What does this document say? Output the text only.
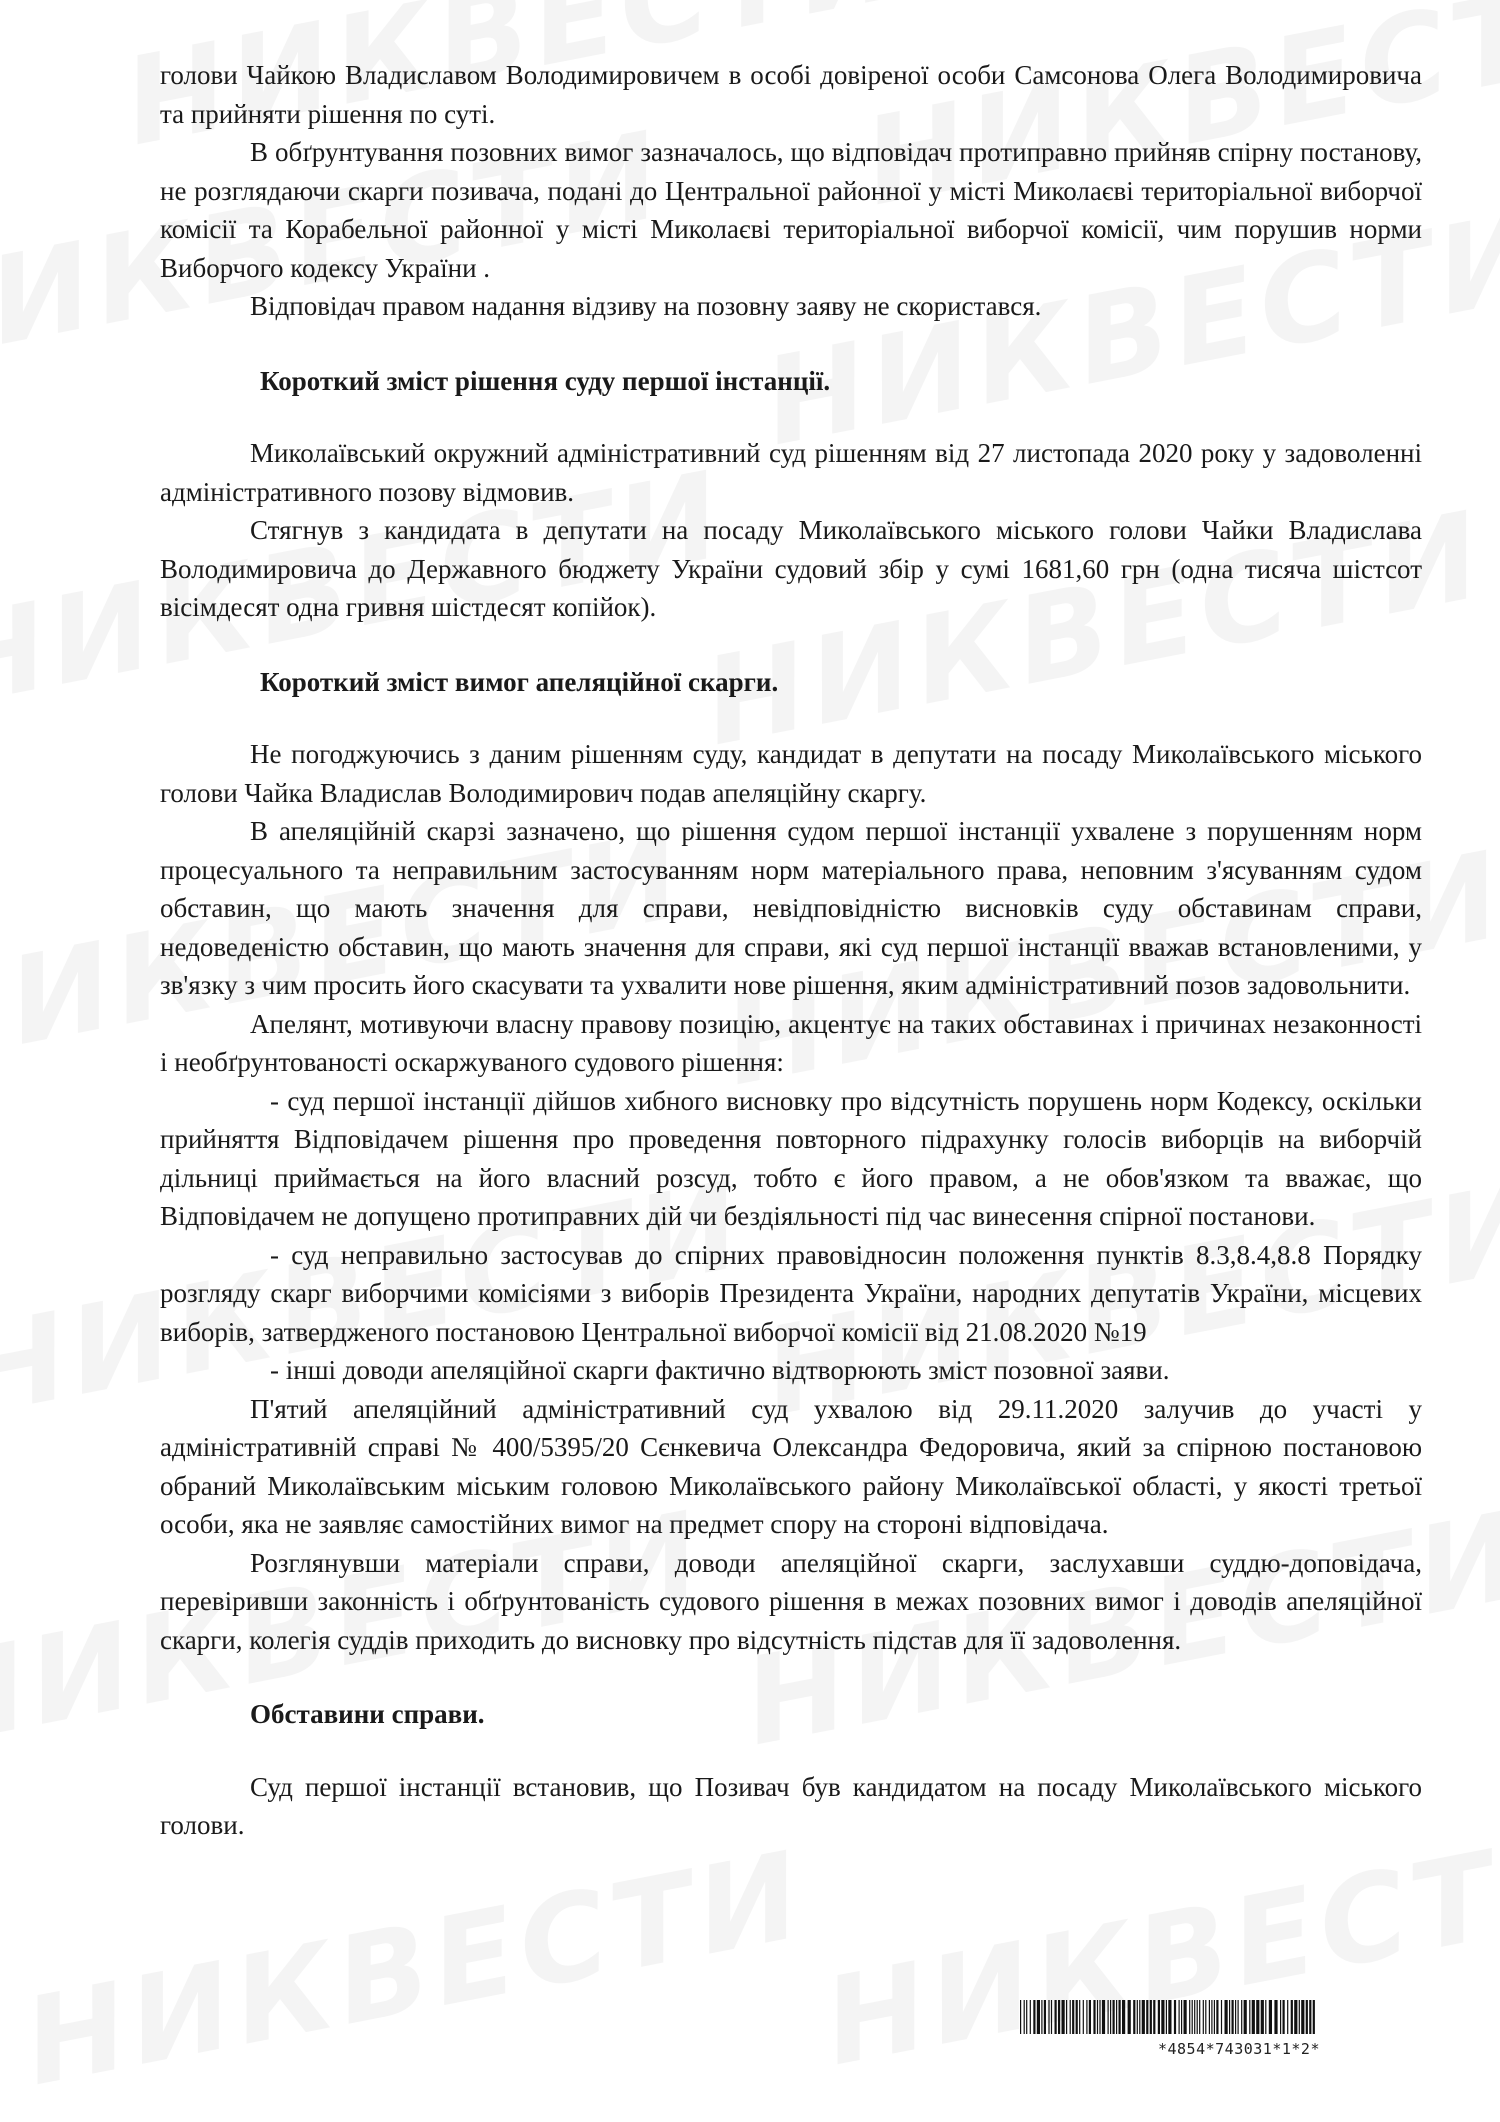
голови Чайкою Владиславом Володимировичем в особі довіреної особи Самсонова Олега Володимировича та прийняти рішення по суті.

В обґрунтування позовних вимог зазначалось, що відповідач протиправно прийняв спірну постанову, не розглядаючи скарги позивача, подані до Центральної районної у місті Миколаєві територіальної виборчої комісії та Корабельної районної у місті Миколаєві територіальної виборчої комісії, чим порушив норми Виборчого кодексу України .

Відповідач правом надання відзиву на позовну заяву не скористався.

Короткий зміст рішення суду першої інстанції.

Миколаївський окружний адміністративний суд рішенням від 27 листопада 2020 року у задоволенні адміністративного позову відмовив.

Стягнув з кандидата в депутати на посаду Миколаївського міського голови Чайки Владислава Володимировича до Державного бюджету України судовий збір у сумі 1681,60 грн (одна тисяча шістсот вісімдесят одна гривня шістдесят копійок).

Короткий зміст вимог апеляційної скарги.

Не погоджуючись з даним рішенням суду, кандидат в депутати на посаду Миколаївського міського голови Чайка Владислав Володимирович подав апеляційну скаргу.

В апеляційній скарзі зазначено, що рішення судом першої інстанції ухвалене з порушенням норм процесуального та неправильним застосуванням норм матеріального права, неповним з'ясуванням судом обставин, що мають значення для справи, невідповідністю висновків суду обставинам справи, недоведеністю обставин, що мають значення для справи, які суд першої інстанції вважав встановленими, у зв'язку з чим просить його скасувати та ухвалити нове рішення, яким адміністративний позов задовольнити.

Апелянт, мотивуючи власну правову позицію, акцентує на таких обставинах і причинах незаконності і необґрунтованості оскаржуваного судового рішення:

- суд першої інстанції дійшов хибного висновку про відсутність порушень норм Кодексу, оскільки прийняття Відповідачем рішення про проведення повторного підрахунку голосів виборців на виборчій дільниці приймається на його власний розсуд, тобто є його правом, а не обов'язком та вважає, що Відповідачем не допущено протиправних дій чи бездіяльності під час винесення спірної постанови.

- суд неправильно застосував до спірних правовідносин положення пунктів 8.3,8.4,8.8 Порядку розгляду скарг виборчими комісіями з виборів Президента України, народних депутатів України, місцевих виборів, затвердженого постановою Центральної виборчої комісії від 21.08.2020 №19

- інші доводи апеляційної скарги фактично відтворюють зміст позовної заяви.

П'ятий апеляційний адміністративний суд ухвалою від 29.11.2020 залучив до участі у адміністративній справі № 400/5395/20 Сєнкевича Олександра Федоровича, який за спірною постановою обраний Миколаївським міським головою Миколаївського району Миколаївської області, у якості третьої особи, яка не заявляє самостійних вимог на предмет спору на стороні відповідача.

Розглянувши матеріали справи, доводи апеляційної скарги, заслухавши суддю-доповідача, перевіривши законність і обґрунтованість судового рішення в межах позовних вимог і доводів апеляційної скарги, колегія суддів приходить до висновку про відсутність підстав для її задоволення.

Обставини справи.

Суд першої інстанції встановив, що Позивач був кандидатом на посаду Миколаївського міського голови.

*4854*743031*1*2*
